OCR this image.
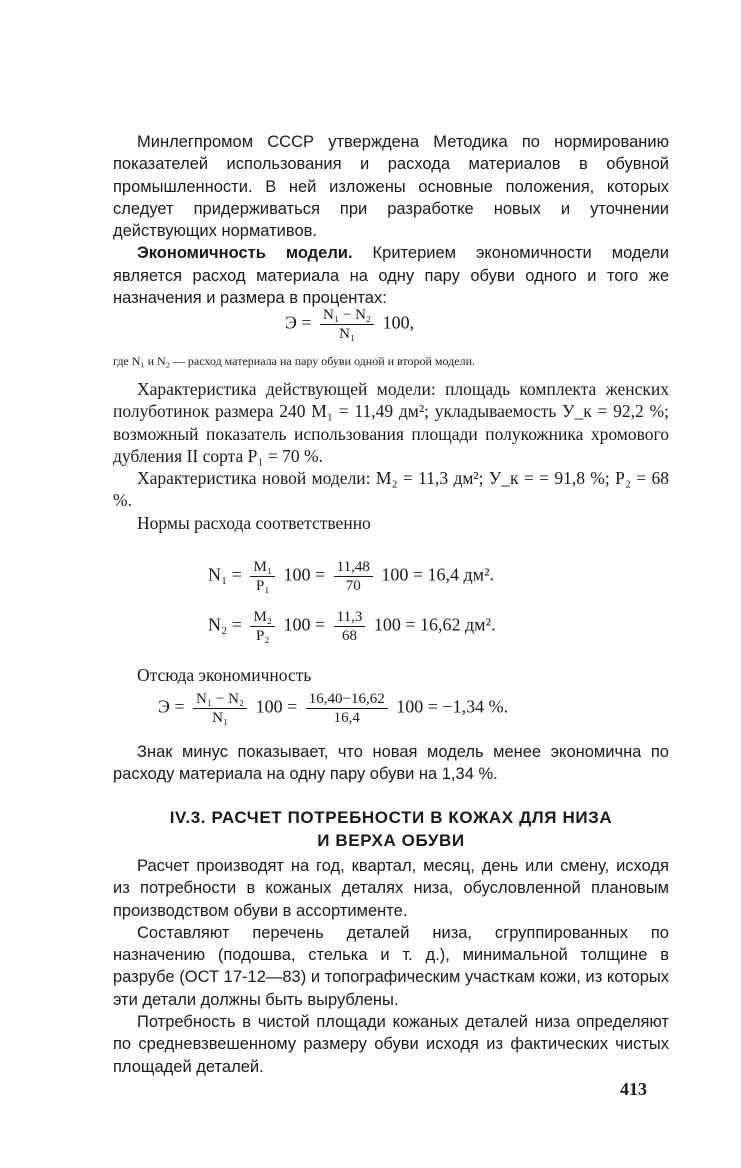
Минлегпромом СССР утверждена Методика по нормированию показателей использования и расхода материалов в обувной промышленности. В ней изложены основные положения, которых следует придерживаться при разработке новых и уточнении действующих нормативов.

Экономичность модели. Критерием экономичности модели является расход материала на одну пару обуви одного и того же назначения и размера в процентах:

$Э = \frac{\text{N₁ − N₂}}{\text{N₁}} 100$,
где N₁ и N₂ — расход материала на пару обуви одной и второй модели.

Характеристика действующей модели: площадь комплекта женских полуботинок размера 240 M₁ = 11,49 дм²; укладываемость У_к = 92,2 %; возможный показатель использования площади полукожника хромового дубления II сорта P₁ = 70 %.

Характеристика новой модели: M₂ = 11,3 дм²; У_к = = 91,8 %; P₂ = 68 %.

Нормы расхода соответственно

$N_1 = \frac{\text{M₁}}{\text{P₁}} 100 = \frac{11,48}{70} 100 = 16,4$ дм².
$N_2 = \frac{\text{M₂}}{\text{P₂}} 100 = \frac{11,3}{68} 100 = 16,62$ дм².

Отсюда экономичность

$Э = \frac{\text{N₁ − N₂}}{\text{N₁}} 100 = \frac{16,40-16,62}{16,4} 100 = -1,34$ %.

Знак минус показывает, что новая модель менее экономична по расходу материала на одну пару обуви на 1,34 %.

IV.3. РАСЧЕТ ПОТРЕБНОСТИ В КОЖАХ ДЛЯ НИЗА
И ВЕРХА ОБУВИ

Расчет производят на год, квартал, месяц, день или смену, исходя из потребности в кожаных деталях низа, обусловленной плановым производством обуви в ассортименте.

Составляют перечень деталей низа, сгруппированных по назначению (подошва, стелька и т. д.), минимальной толщине в разрубе (ОСТ 17-12—83) и топографическим участкам кожи, из которых эти детали должны быть вырублены.

Потребность в чистой площади кожаных деталей низа определяют по средневзвешенному размеру обуви исходя из фактических чистых площадей деталей.

413
